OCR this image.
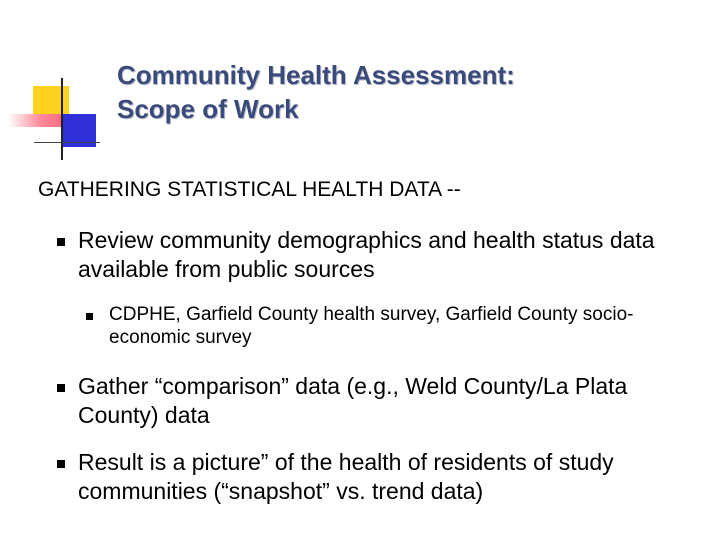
Community Health Assessment:
Scope of Work

GATHERING STATISTICAL HEALTH DATA --

Review community demographics and health status data available from public sources

CDPHE, Garfield County health survey, Garfield County socio-economic survey

Gather “comparison” data (e.g., Weld County/La Plata County) data

Result is a picture” of the health of residents of study communities (“snapshot” vs. trend data)
